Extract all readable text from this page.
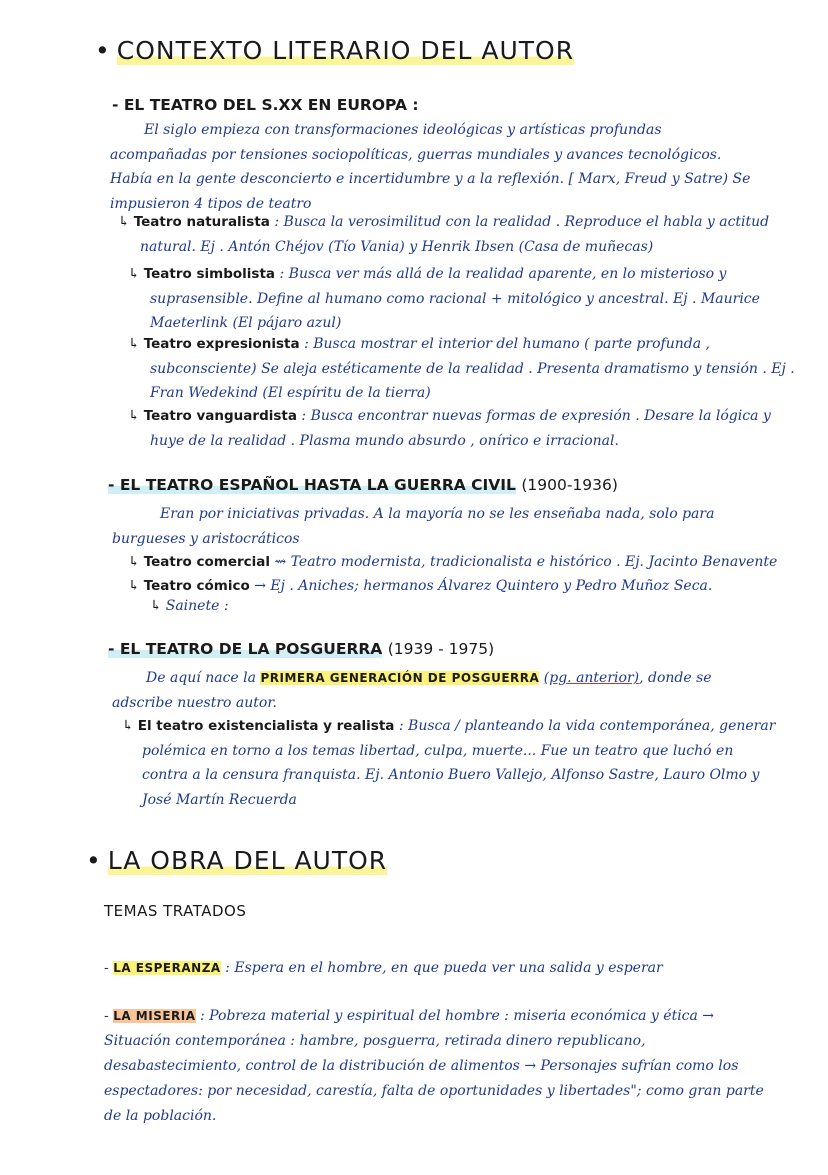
• CONTEXTO LITERARIO DEL AUTOR
- EL TEATRO DEL S.XX EN EUROPA :
El siglo empieza con transformaciones ideológicas y artísticas profundas acompañadas por tensiones sociopolíticas, guerras mundiales y avances tecnológicos. Había en la gente desconcierto e incertidumbre y a la reflexión. [ Marx, Freud y Satre) Se impusieron 4 tipos de teatro
↳ Teatro naturalista : Busca la verosimilitud con la realidad . Reproduce el habla y actitud natural. Ej . Antón Chéjov (Tío Vania) y Henrik Ibsen (Casa de muñecas)
↳ Teatro simbolista : Busca ver más allá de la realidad aparente, en lo misterioso y suprasensible. Define al humano como racional + mitológico y ancestral. Ej . Maurice Maeterlink (El pájaro azul)
↳ Teatro expresionista : Busca mostrar el interior del humano ( parte profunda , subconsciente) Se aleja estéticamente de la realidad . Presenta dramatismo y tensión . Ej . Fran Wedekind (El espíritu de la tierra)
↳ Teatro vanguardista : Busca encontrar nuevas formas de expresión . Desare la lógica y huye de la realidad . Plasma mundo absurdo , onírico e irracional.
- EL TEATRO ESPAÑOL HASTA LA GUERRA CIVIL (1900-1936)
Eran por iniciativas privadas. A la mayoría no se les enseñaba nada, solo para burgueses y aristocráticos
↳ Teatro comercial ⇝ Teatro modernista, tradicionalista e histórico . Ej. Jacinto Benavente
↳ Teatro cómico → Ej . Aniches; hermanos Álvarez Quintero y Pedro Muñoz Seca.
↳ Sainete :
- EL TEATRO DE LA POSGUERRA (1939 - 1975)
De aquí nace la PRIMERA GENERACIÓN DE POSGUERRA (pg. anterior), donde se adscribe nuestro autor.
↳ El teatro existencialista y realista : Busca / planteando la vida contemporánea, generar polémica en torno a los temas libertad, culpa, muerte... Fue un teatro que luchó en contra a la censura franquista. Ej. Antonio Buero Vallejo, Alfonso Sastre, Lauro Olmo y José Martín Recuerda
• LA OBRA DEL AUTOR
TEMAS TRATADOS
- LA ESPERANZA : Espera en el hombre, en que pueda ver una salida y esperar
- LA MISERIA : Pobreza material y espiritual del hombre : miseria económica y ética → Situación contemporánea : hambre, posguerra, retirada dinero republicano, desabastecimiento, control de la distribución de alimentos → Personajes sufrían como los espectadores: por necesidad, carestía, falta de oportunidades y libertades"; como gran parte de la población.
